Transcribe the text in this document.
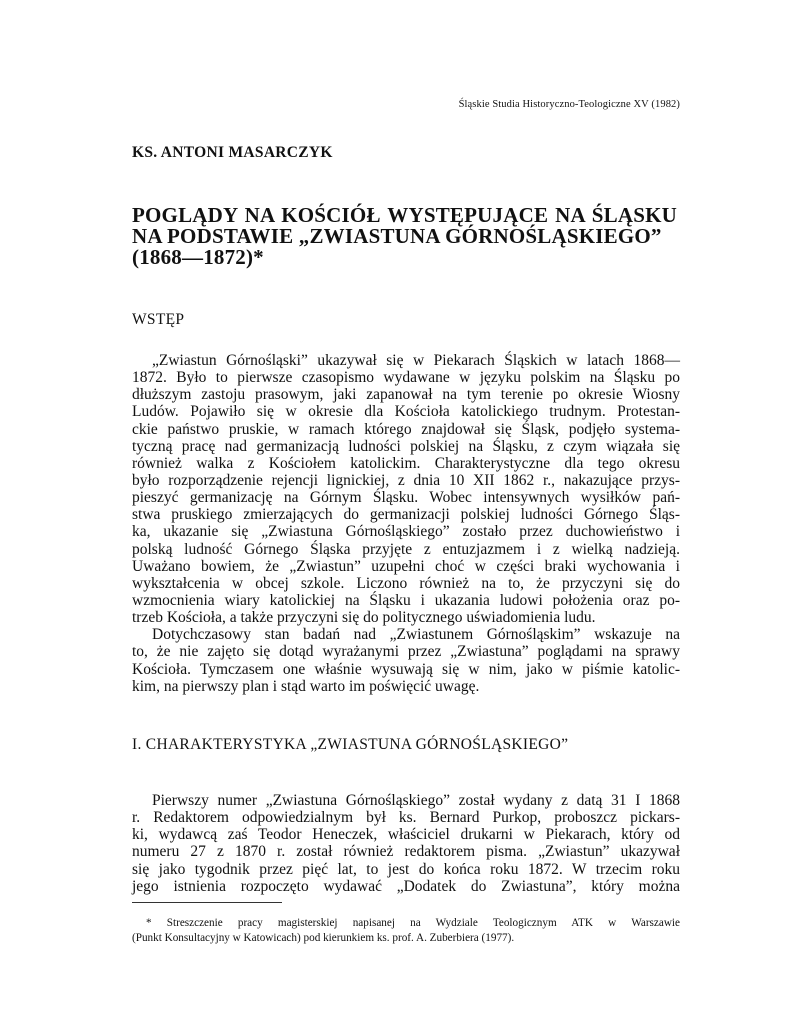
Śląskie Studia Historyczno-Teologiczne XV (1982)
KS. ANTONI MASARCZYK
POGLĄDY NA KOŚCIÓŁ WYSTĘPUJĄCE NA ŚLĄSKU
NA PODSTAWIE „ZWIASTUNA GÓRNOŚLĄSKIEGO”
(1868—1872)*
WSTĘP
„Zwiastun Górnośląski” ukazywał się w Piekarach Śląskich w latach 1868—
1872. Było to pierwsze czasopismo wydawane w języku polskim na Śląsku po
dłuższym zastoju prasowym, jaki zapanował na tym terenie po okresie Wiosny
Ludów. Pojawiło się w okresie dla Kościoła katolickiego trudnym. Protestan-
ckie państwo pruskie, w ramach którego znajdował się Śląsk, podjęło systema-
tyczną pracę nad germanizacją ludności polskiej na Śląsku, z czym wiązała się
również walka z Kościołem katolickim. Charakterystyczne dla tego okresu
było rozporządzenie rejencji lignickiej, z dnia 10 XII 1862 r., nakazujące przys-
pieszyć germanizację na Górnym Śląsku. Wobec intensywnych wysiłków pań-
stwa pruskiego zmierzających do germanizacji polskiej ludności Górnego Śląs-
ka, ukazanie się „Zwiastuna Górnośląskiego” zostało przez duchowieństwo i
polską ludność Górnego Śląska przyjęte z entuzjazmem i z wielką nadzieją.
Uważano bowiem, że „Zwiastun” uzupełni choć w części braki wychowania i
wykształcenia w obcej szkole. Liczono również na to, że przyczyni się do
wzmocnienia wiary katolickiej na Śląsku i ukazania ludowi położenia oraz po-
trzeb Kościoła, a także przyczyni się do politycznego uświadomienia ludu.
Dotychczasowy stan badań nad „Zwiastunem Górnośląskim” wskazuje na
to, że nie zajęto się dotąd wyrażanymi przez „Zwiastuna” poglądami na sprawy
Kościoła. Tymczasem one właśnie wysuwają się w nim, jako w piśmie katolic-
kim, na pierwszy plan i stąd warto im poświęcić uwagę.
I. CHARAKTERYSTYKA „ZWIASTUNA GÓRNOŚLĄSKIEGO”
Pierwszy numer „Zwiastuna Górnośląskiego” został wydany z datą 31 I 1868
r. Redaktorem odpowiedzialnym był ks. Bernard Purkop, proboszcz pickars-
ki, wydawcą zaś Teodor Heneczek, właściciel drukarni w Piekarach, który od
numeru 27 z 1870 r. został również redaktorem pisma. „Zwiastun” ukazywał
się jako tygodnik przez pięć lat, to jest do końca roku 1872. W trzecim roku
jego istnienia rozpoczęto wydawać „Dodatek do Zwiastuna”, który można
* Streszczenie pracy magisterskiej napisanej na Wydziale Teologicznym ATK w Warszawie
(Punkt Konsultacyjny w Katowicach) pod kierunkiem ks. prof. A. Zuberbiera (1977).
